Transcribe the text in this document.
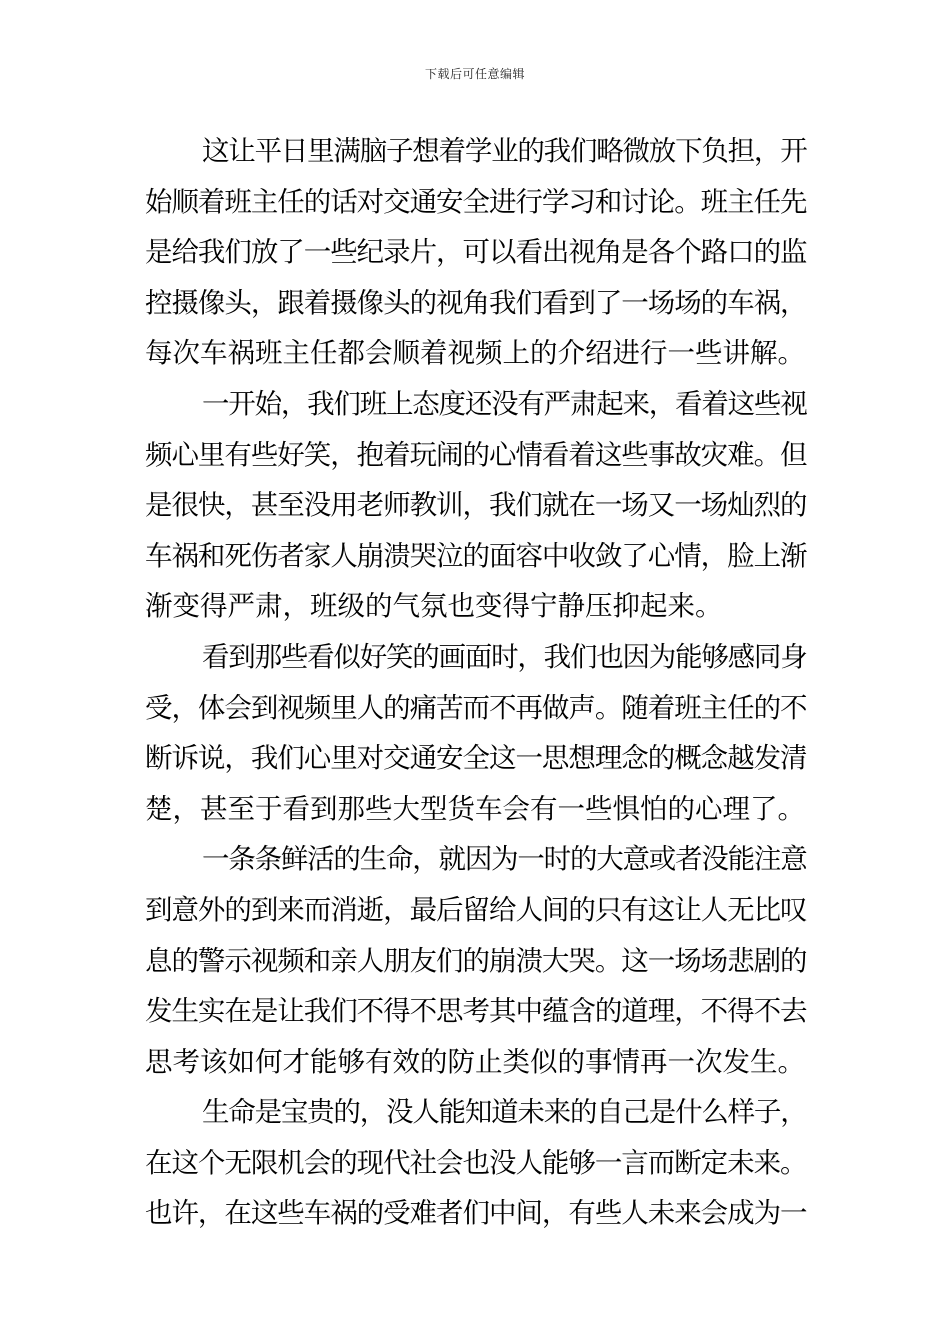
下载后可任意编辑
这让平日里满脑子想着学业的我们略微放下负担，开
始顺着班主任的话对交通安全进行学习和讨论。班主任先
是给我们放了一些纪录片，可以看出视角是各个路口的监
控摄像头，跟着摄像头的视角我们看到了一场场的车祸，
每次车祸班主任都会顺着视频上的介绍进行一些讲解。
一开始，我们班上态度还没有严肃起来，看着这些视
频心里有些好笑，抱着玩闹的心情看着这些事故灾难。但
是很快，甚至没用老师教训，我们就在一场又一场灿烈的
车祸和死伤者家人崩溃哭泣的面容中收敛了心情，脸上渐
渐变得严肃，班级的气氛也变得宁静压抑起来。
看到那些看似好笑的画面时，我们也因为能够感同身
受，体会到视频里人的痛苦而不再做声。随着班主任的不
断诉说，我们心里对交通安全这一思想理念的概念越发清
楚，甚至于看到那些大型货车会有一些惧怕的心理了。
一条条鲜活的生命，就因为一时的大意或者没能注意
到意外的到来而消逝，最后留给人间的只有这让人无比叹
息的警示视频和亲人朋友们的崩溃大哭。这一场场悲剧的
发生实在是让我们不得不思考其中蕴含的道理，不得不去
思考该如何才能够有效的防止类似的事情再一次发生。
生命是宝贵的，没人能知道未来的自己是什么样子，
在这个无限机会的现代社会也没人能够一言而断定未来。
也许，在这些车祸的受难者们中间，有些人未来会成为一
